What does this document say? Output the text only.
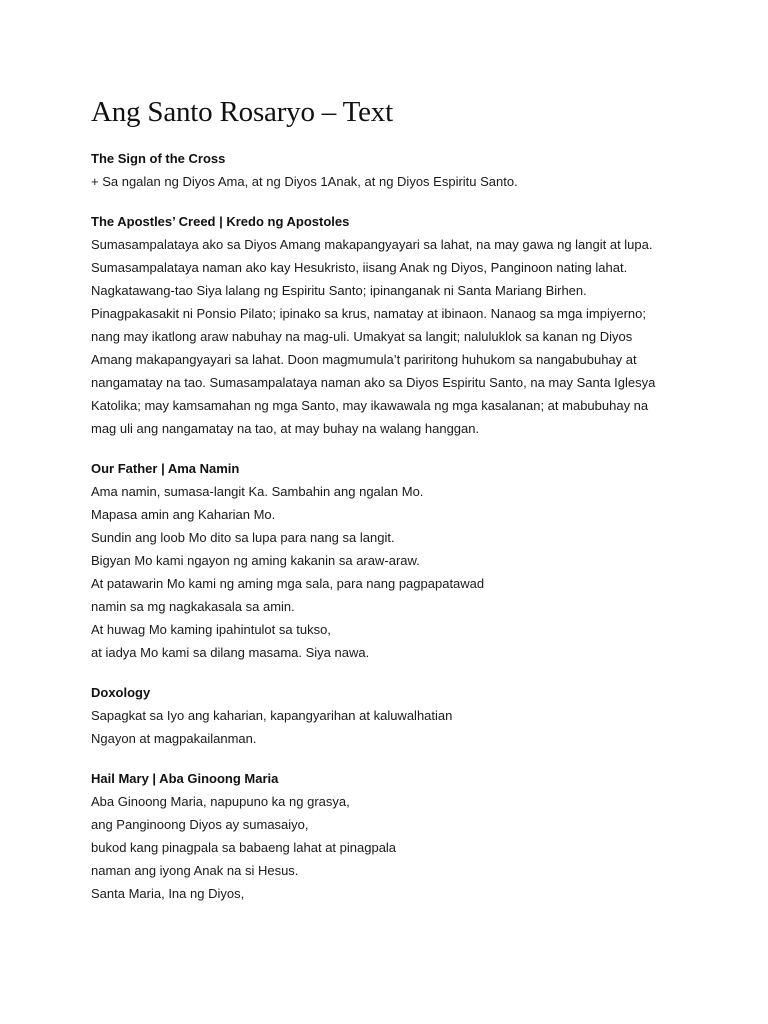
Ang Santo Rosaryo – Text

The Sign of the Cross

+ Sa ngalan ng Diyos Ama, at ng Diyos 1Anak, at ng Diyos Espiritu Santo.

The Apostles’ Creed | Kredo ng Apostoles

Sumasampalataya ako sa Diyos Amang makapangyayari sa lahat, na may gawa ng langit at lupa.

Sumasampalataya naman ako kay Hesukristo, iisang Anak ng Diyos, Panginoon nating lahat.

Nagkatawang-tao Siya lalang ng Espiritu Santo; ipinanganak ni Santa Mariang Birhen.

Pinagpakasakit ni Ponsio Pilato; ipinako sa krus, namatay at ibinaon. Nanaog sa mga impiyerno;

nang may ikatlong araw nabuhay na mag-uli. Umakyat sa langit; naluluklok sa kanan ng Diyos

Amang makapangyayari sa lahat. Doon magmumula’t pariritong huhukom sa nangabubuhay at

nangamatay na tao. Sumasampalataya naman ako sa Diyos Espiritu Santo, na may Santa Iglesya

Katolika; may kamsamahan ng mga Santo, may ikawawala ng mga kasalanan; at mabubuhay na

mag uli ang nangamatay na tao, at may buhay na walang hanggan.

Our Father | Ama Namin

Ama namin, sumasa-langit Ka. Sambahin ang ngalan Mo.

Mapasa amin ang Kaharian Mo.

Sundin ang loob Mo dito sa lupa para nang sa langit.

Bigyan Mo kami ngayon ng aming kakanin sa araw-araw.

At patawarin Mo kami ng aming mga sala, para nang pagpapatawad

namin sa mg nagkakasala sa amin.

At huwag Mo kaming ipahintulot sa tukso,

at iadya Mo kami sa dilang masama. Siya nawa.

Doxology

Sapagkat sa Iyo ang kaharian, kapangyarihan at kaluwalhatian

Ngayon at magpakailanman.

Hail Mary | Aba Ginoong Maria

Aba Ginoong Maria, napupuno ka ng grasya,

ang Panginoong Diyos ay sumasaiyo,

bukod kang pinagpala sa babaeng lahat at pinagpala

naman ang iyong Anak na si Hesus.

Santa Maria, Ina ng Diyos,
